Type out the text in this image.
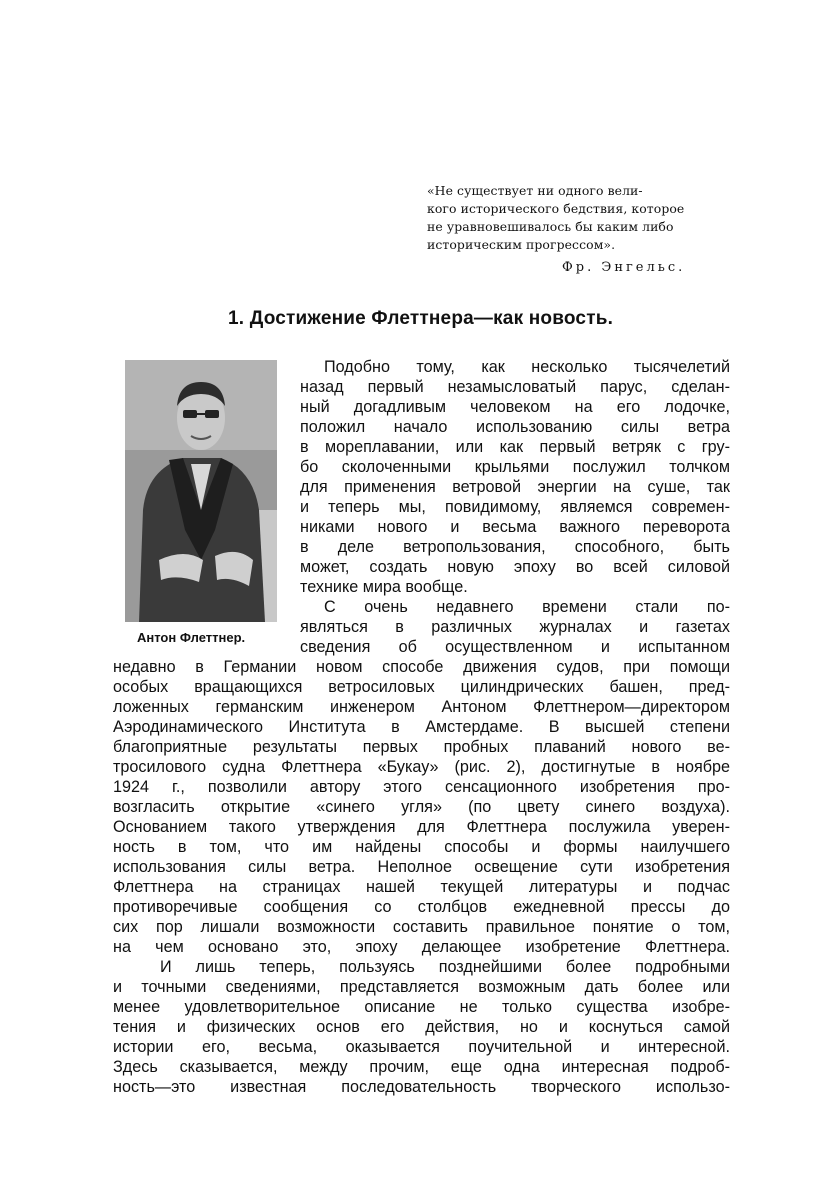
«Не существует ни одного вели-
кого исторического бедствия, которое
не уравновешивалось бы каким либо
историческим прогрессом».
Фр. Энгельс.
1. Достижение Флеттнера—как новость.
Антон Флеттнер.
Подобно тому, как несколько тысячелетий
назад первый незамысловатый парус, сделан-
ный догадливым человеком на его лодочке,
положил начало использованию силы ветра
в мореплавании, или как первый ветряк с гру-
бо сколоченными крыльями послужил толчком
для применения ветровой энергии на суше, так
и теперь мы, повидимому, являемся современ-
никами нового и весьма важного переворота
в деле ветропользования, способного, быть
может, создать новую эпоху во всей силовой
технике мира вообще.
С очень недавнего времени стали по-
являться в различных журналах и газетах
сведения об осуществленном и испытанном
недавно в Германии новом способе движения судов, при помощи
особых вращающихся ветросиловых цилиндрических башен, пред-
ложенных германским инженером Антоном Флеттнером—директором
Аэродинамического Института в Амстердаме. В высшей степени
благоприятные результаты первых пробных плаваний нового ве-
тросилового судна Флеттнера «Букау» (рис. 2), достигнутые в ноябре
1924 г., позволили автору этого сенсационного изобретения про-
возгласить открытие «синего угля» (по цвету синего воздуха).
Основанием такого утверждения для Флеттнера послужила уверен-
ность в том, что им найдены способы и формы наилучшего
использования силы ветра. Неполное освещение сути изобретения
Флеттнера на страницах нашей текущей литературы и подчас
противоречивые сообщения со столбцов ежедневной прессы до
сих пор лишали возможности составить правильное понятие о том,
на чем основано это, эпоху делающее изобретение Флеттнера.
И лишь теперь, пользуясь позднейшими более подробными
и точными сведениями, представляется возможным дать более или
менее удовлетворительное описание не только существа изобре-
тения и физических основ его действия, но и коснуться самой
истории его, весьма, оказывается поучительной и интересной.
Здесь сказывается, между прочим, еще одна интересная подроб-
ность—это известная последовательность творческого использо-
